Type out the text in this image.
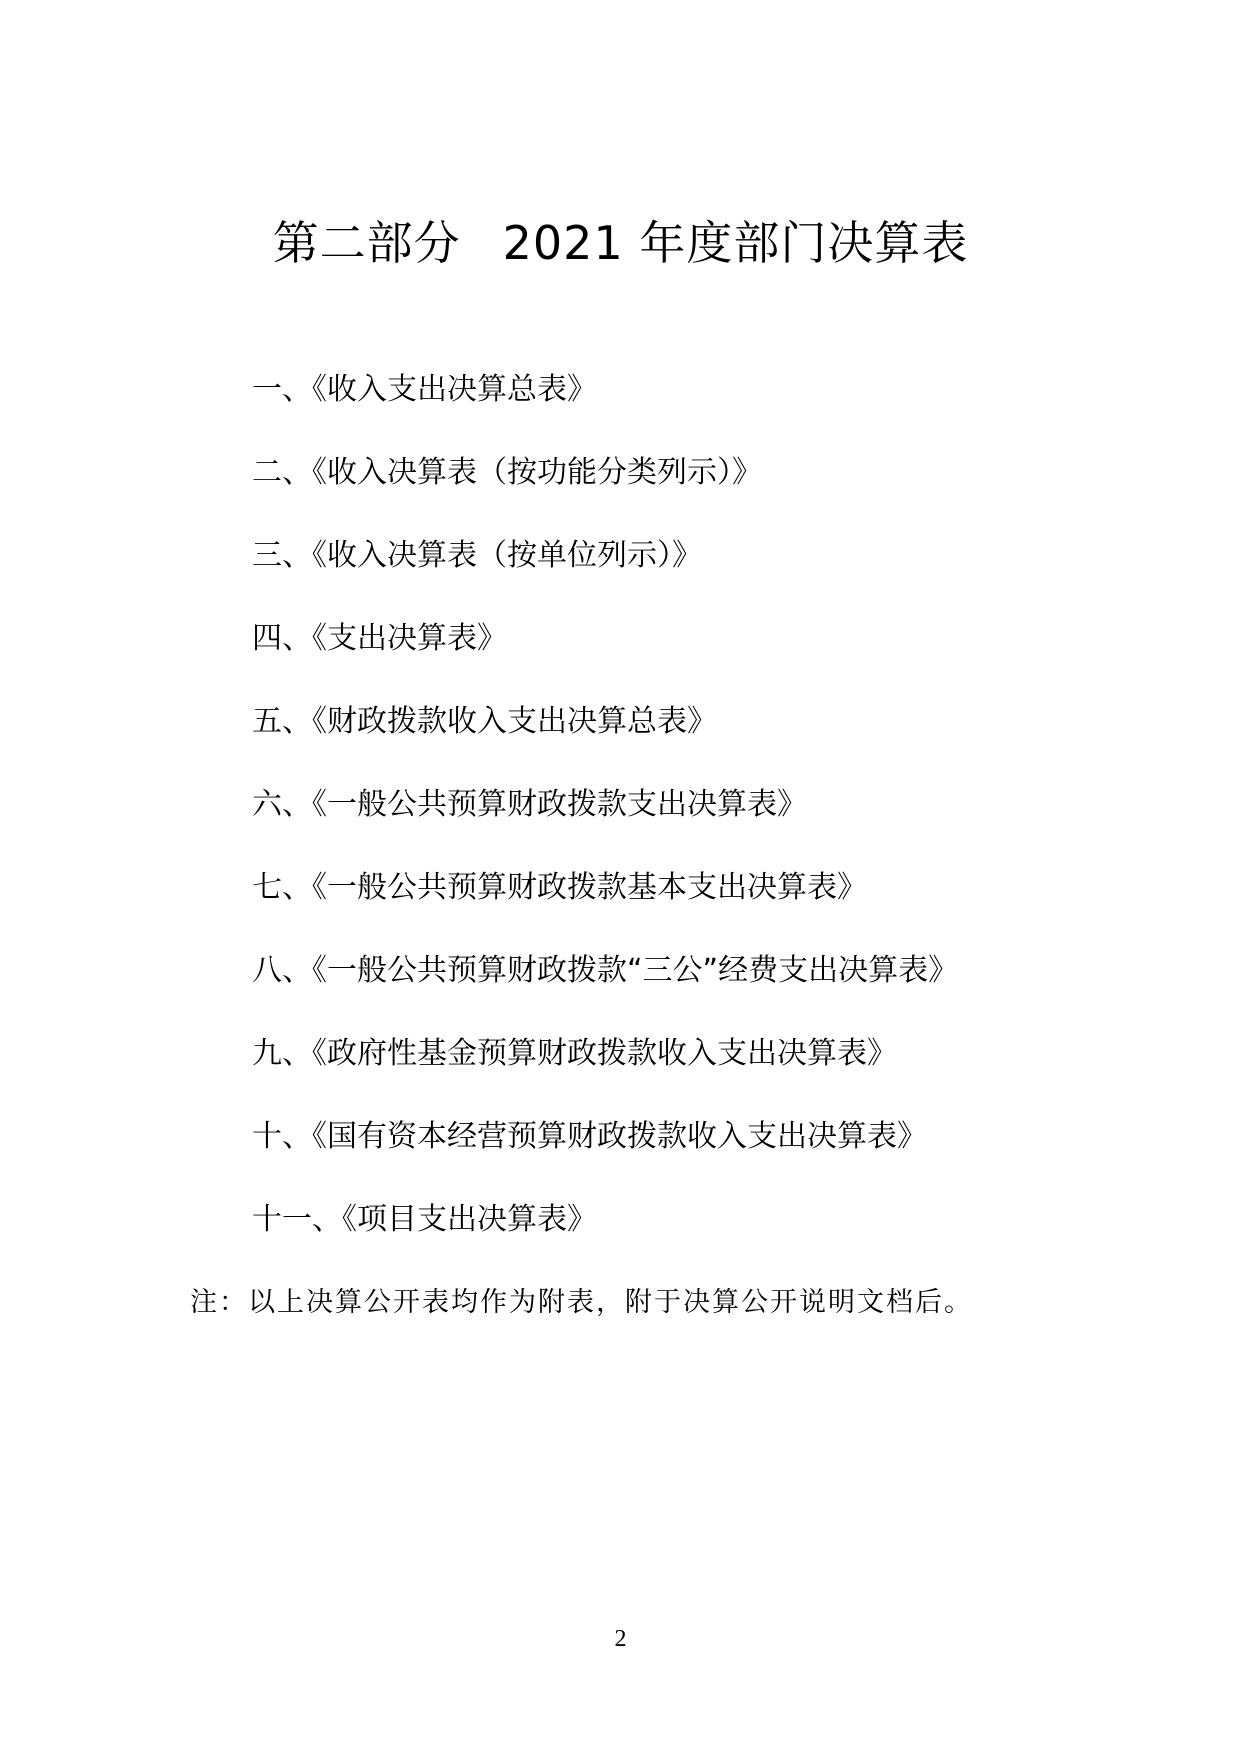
第二部分 2021 年度部门决算表
一、《收入支出决算总表》
二、《收入决算表（按功能分类列示）》
三、《收入决算表（按单位列示）》
四、《支出决算表》
五、《财政拨款收入支出决算总表》
六、《一般公共预算财政拨款支出决算表》
七、《一般公共预算财政拨款基本支出决算表》
八、《一般公共预算财政拨款“三公”经费支出决算表》
九、《政府性基金预算财政拨款收入支出决算表》
十、《国有资本经营预算财政拨款收入支出决算表》
十一、《项目支出决算表》
注：以上决算公开表均作为附表，附于决算公开说明文档后。
2
